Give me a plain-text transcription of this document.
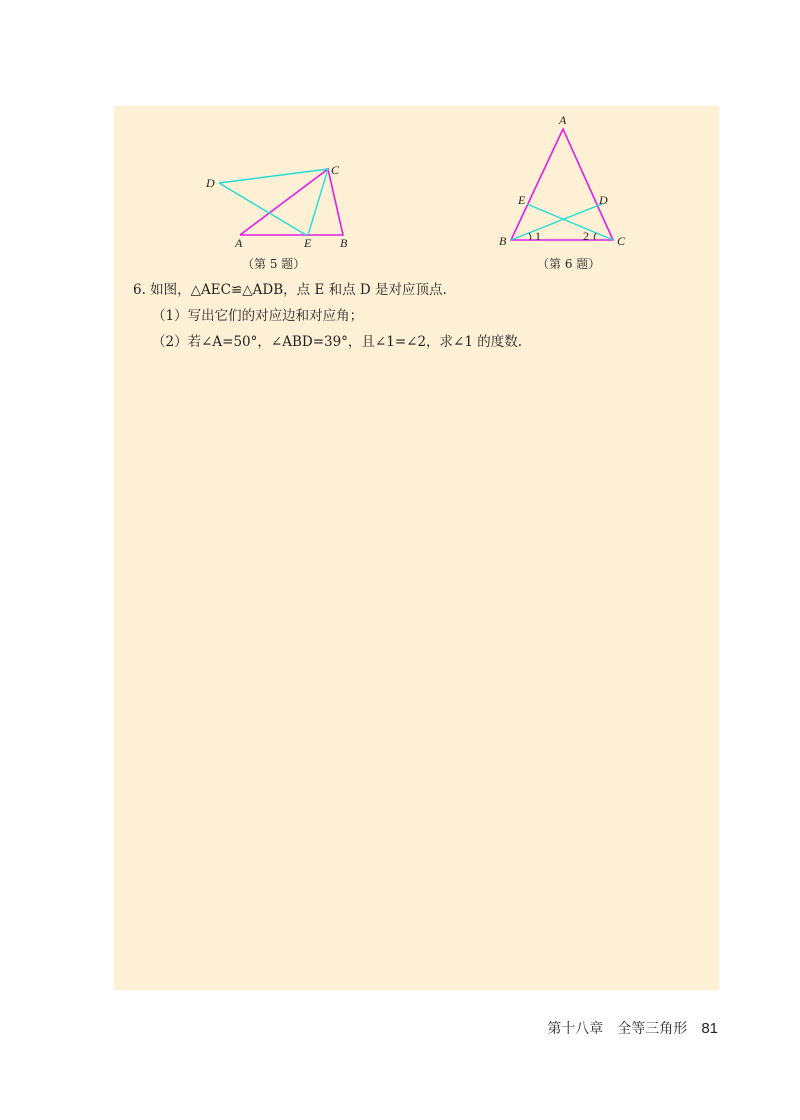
D
C
A	E B
（第 5 题）
A
E	D
B	C
1	2
（第 6 题）
6. 如图，△AEC≌△ADB，点 E 和点 D 是对应顶点.
（1）写出它们的对应边和对应角；
（2）若∠A=50°，∠ABD=39°，且∠1=∠2，求∠1 的度数.
第十八章　全等三角形 81
